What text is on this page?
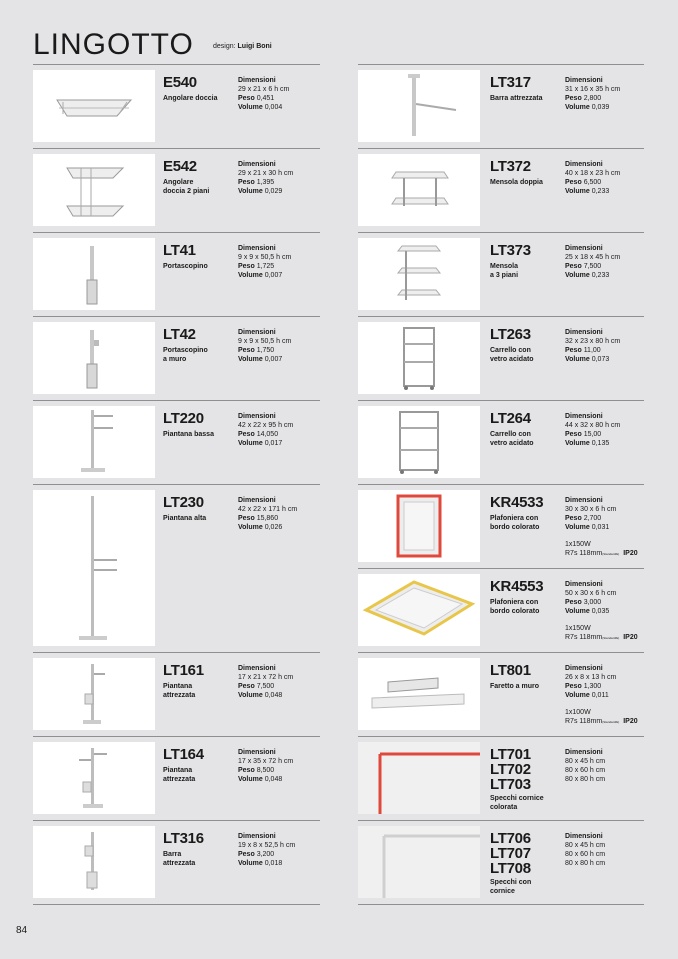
LINGOTTO	design: Luigi Boni
E540
Angolare doccia
Dimensioni
29 x 21 x 6 h cm
Peso 0,451
Volume 0,004
E542
Angolare
doccia 2 piani
Dimensioni
29 x 21 x 30 h cm
Peso 1,395
Volume 0,029
LT41
Portascopino
Dimensioni
9 x 9 x 50,5 h cm
Peso 1,725
Volume 0,007
LT42
Portascopino
a muro
Dimensioni
9 x 9 x 50,5 h cm
Peso 1,750
Volume 0,007
LT220
Piantana bassa
Dimensioni
42 x 22 x 95 h cm
Peso 14,050
Volume 0,017
LT230
Piantana alta
Dimensioni
42 x 22 x 171 h cm
Peso 15,860
Volume 0,026
LT161
Piantana
attrezzata
Dimensioni
17 x 21 x 72 h cm
Peso 7,500
Volume 0,048
LT164
Piantana
attrezzata
Dimensioni
17 x 35 x 72 h cm
Peso 8,500
Volume 0,048
LT316
Barra
attrezzata
Dimensioni
19 x 8 x 52,5 h cm
Peso 3,200
Volume 0,018
LT317
Barra attrezzata
Dimensioni
31 x 16 x 35 h cm
Peso 2,800
Volume 0,039
LT372
Mensola doppia
Dimensioni
40 x 18 x 23 h cm
Peso 6,500
Volume 0,233
LT373
Mensola
a 3 piani
Dimensioni
25 x 18 x 45 h cm
Peso 7,500
Volume 0,233
LT263
Carrello con
vetro acidato
Dimensioni
32 x 23 x 80 h cm
Peso 11,00
Volume 0,073
LT264
Carrello con
vetro acidato
Dimensioni
44 x 32 x 80 h cm
Peso 15,00
Volume 0,135
KR4533
Plafoniera con
bordo colorato
Dimensioni
30 x 30 x 6 h cm
Peso 2,700
Volume 0,031
1x150W
R7s 118mm(Standard/E) IP20
KR4553
Plafoniera con
bordo colorato
Dimensioni
50 x 30 x 6 h cm
Peso 3,000
Volume 0,035
1x150W
R7s 118mm(Standard/E) IP20
LT801
Faretto a muro
Dimensioni
26 x 8 x 13 h cm
Peso 1,300
Volume 0,011
1x100W
R7s 118mm(Standard/E) IP20
LT701
LT702
LT703
Specchi cornice
colorata
Dimensioni
80 x 45 h cm
80 x 60 h cm
80 x 80 h cm
LT706
LT707
LT708
Specchi con
cornice
Dimensioni
80 x 45 h cm
80 x 60 h cm
80 x 80 h cm
84
